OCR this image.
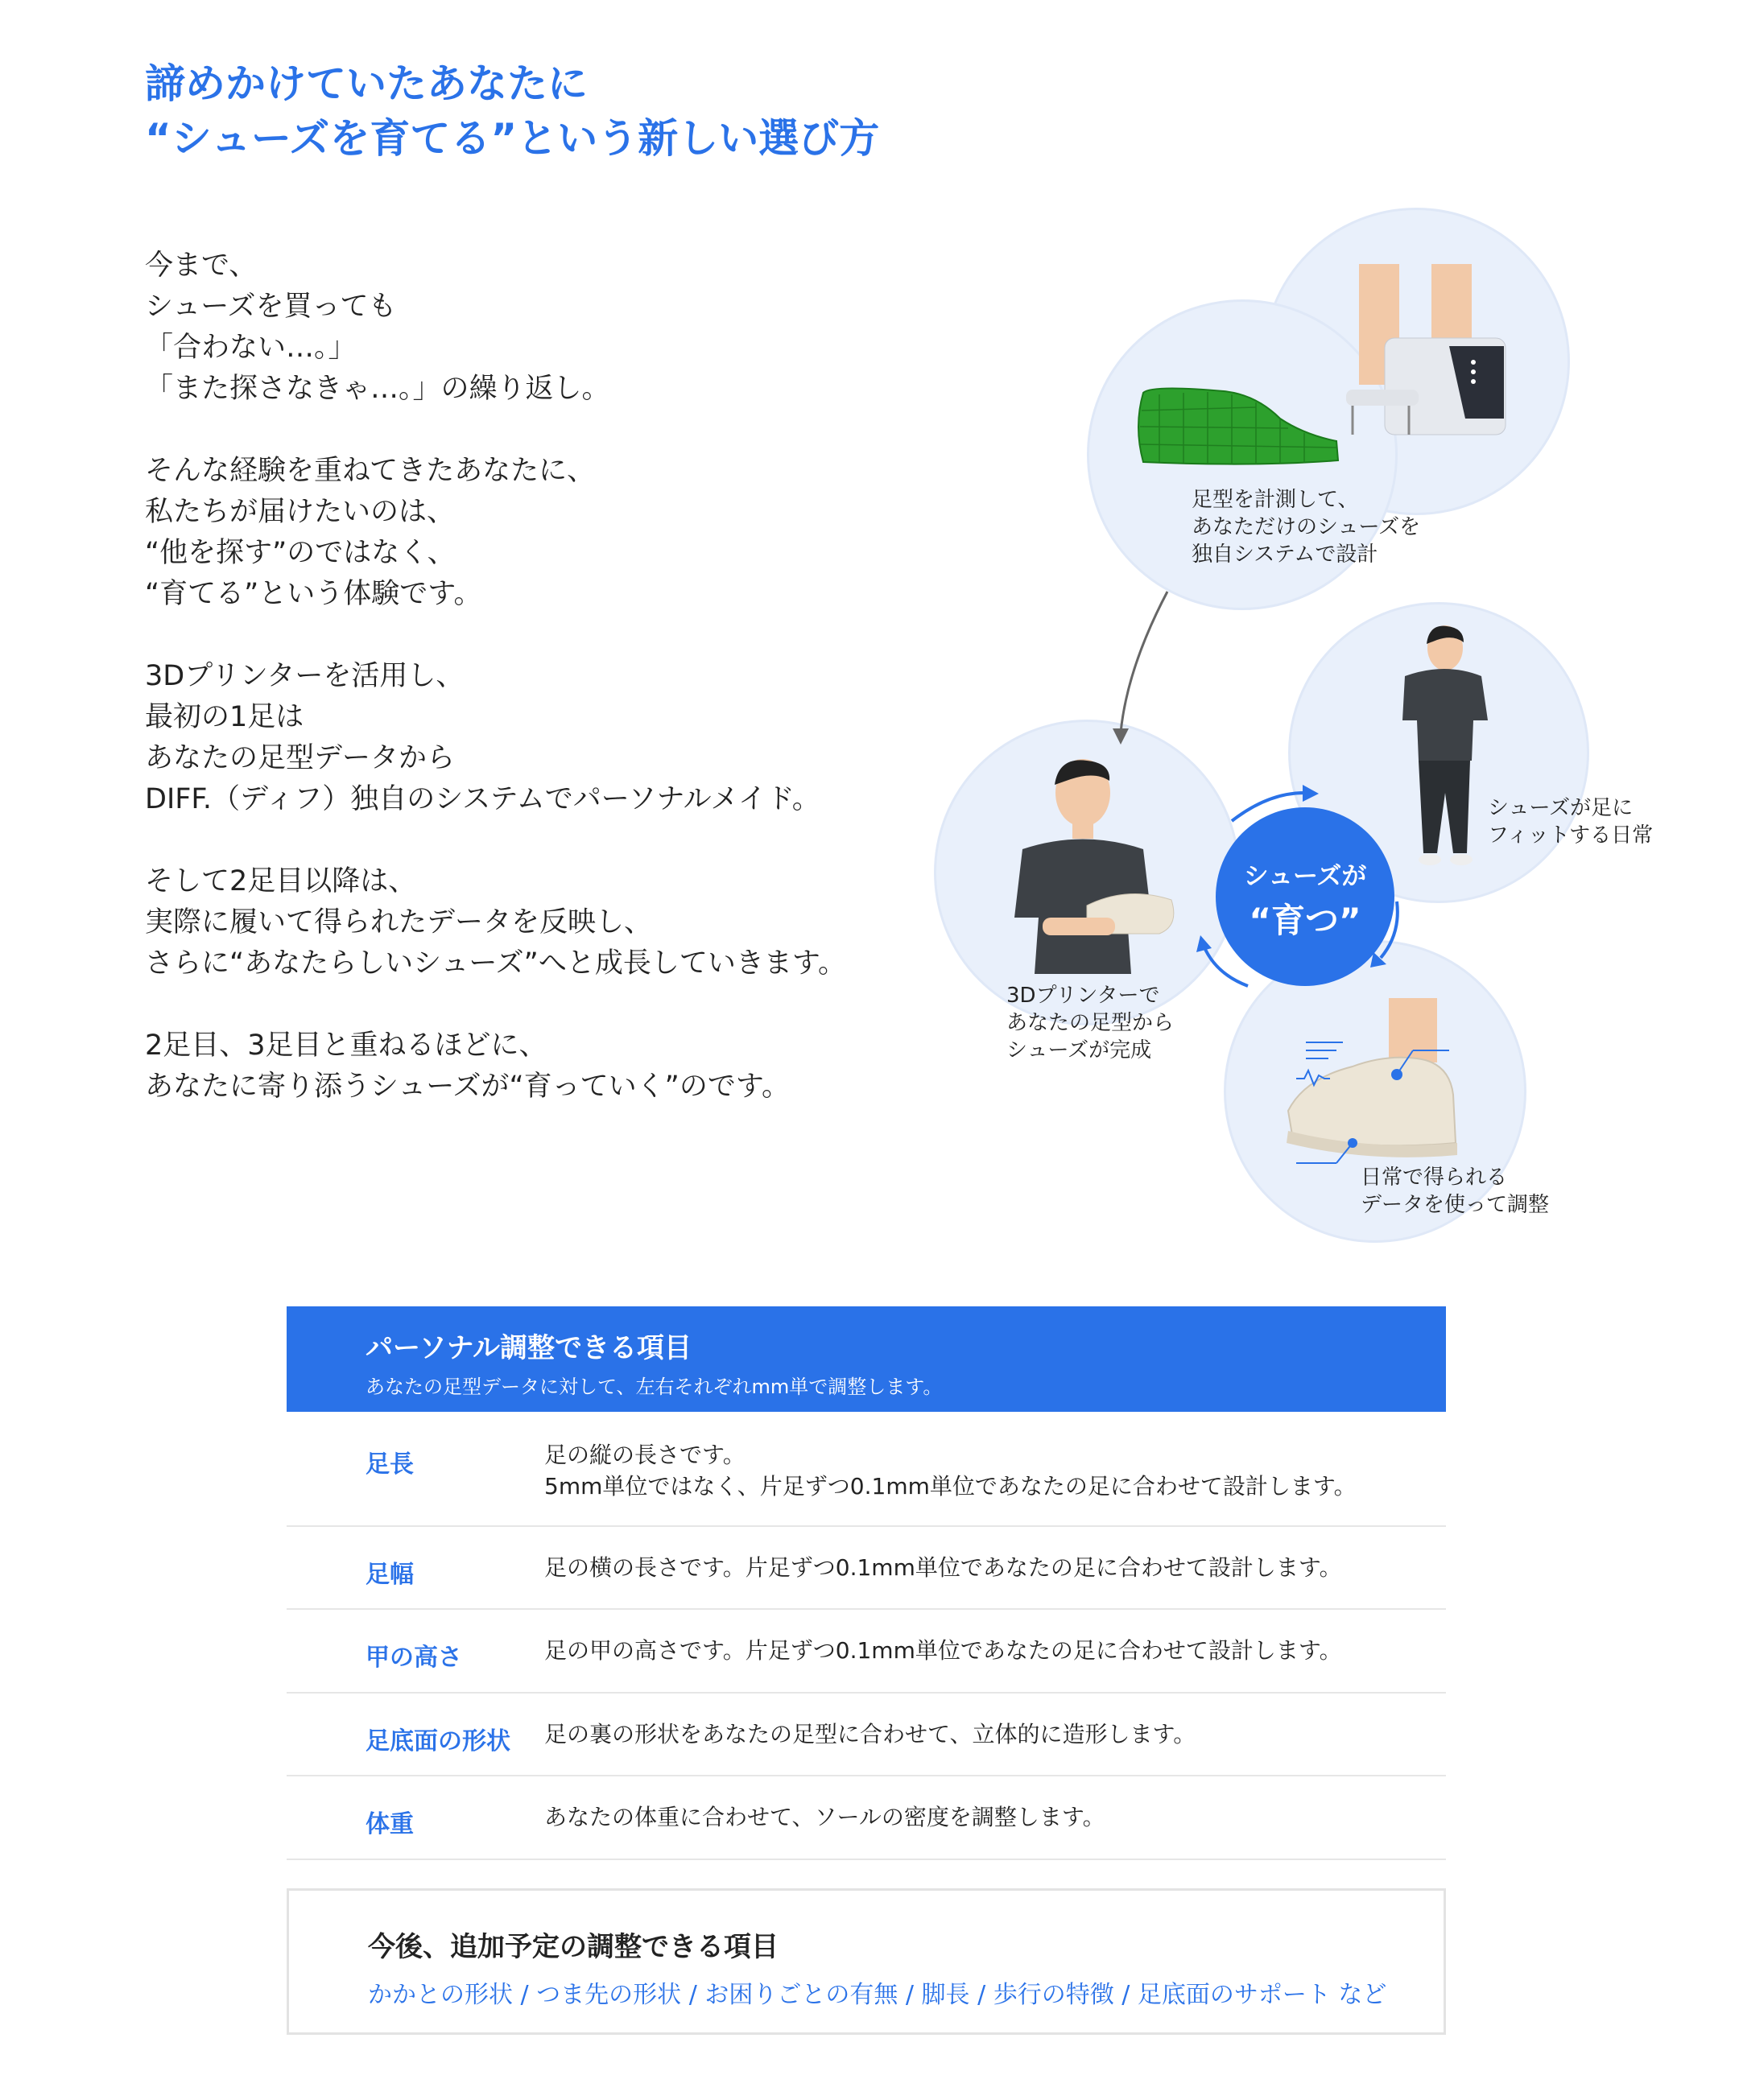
諦めかけていたあなたに
“シューズを育てる”という新しい選び方

今まで、
シューズを買っても
「合わない…。」
「また探さなきゃ…。」の繰り返し。

そんな経験を重ねてきたあなたに、
私たちが届けたいのは、
“他を探す”のではなく、
“育てる”という体験です。

3Dプリンターを活用し、
最初の1足は
あなたの足型データから
DIFF.（ディフ）独自のシステムでパーソナルメイド。

そして2足目以降は、
実際に履いて得られたデータを反映し、
さらに“あなたらしいシューズ”へと成長していきます。

2足目、3足目と重ねるほどに、
あなたに寄り添うシューズが“育っていく”のです。

足型を計測して、
あなただけのシューズを
独自システムで設計
シューズが足に
フィットする日常
3Dプリンターで
あなたの足型から
シューズが完成
日常で得られる
データを使って調整
シューズが
“育つ”
パーソナル調整できる項目
あなたの足型データに対して、左右それぞれmm単で調整します。
足長	足の縦の長さです。
5mm単位ではなく、片足ずつ0.1mm単位であなたの足に合わせて設計します。
足幅	足の横の長さです。片足ずつ0.1mm単位であなたの足に合わせて設計します。
甲の高さ	足の甲の高さです。片足ずつ0.1mm単位であなたの足に合わせて設計します。
足底面の形状 足の裏の形状をあなたの足型に合わせて、立体的に造形します。
体重	あなたの体重に合わせて、ソールの密度を調整します。
今後、追加予定の調整できる項目
かかとの形状 / つま先の形状 / お困りごとの有無 / 脚長 / 歩行の特徴 / 足底面のサポート など
